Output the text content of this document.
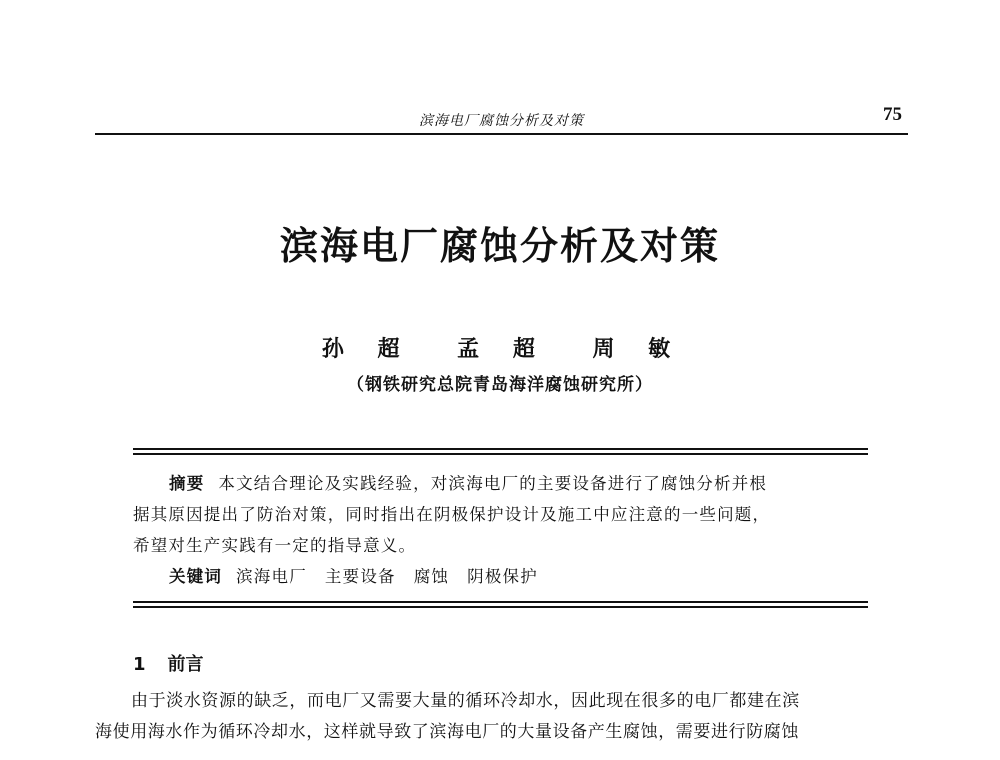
滨海电厂腐蚀分析及对策	75
滨海电厂腐蚀分析及对策
孙 超 孟 超 周 敏
（钢铁研究总院青岛海洋腐蚀研究所）
摘要 本文结合理论及实践经验，对滨海电厂的主要设备进行了腐蚀分析并根
据其原因提出了防治对策，同时指出在阴极保护设计及施工中应注意的一些问题，
希望对生产实践有一定的指导意义。
关键词 滨海电厂 主要设备 腐蚀 阴极保护
1 前言
由于淡水资源的缺乏，而电厂又需要大量的循环冷却水，因此现在很多的电厂都建在滨
海使用海水作为循环冷却水，这样就导致了滨海电厂的大量设备产生腐蚀，需要进行防腐蚀
